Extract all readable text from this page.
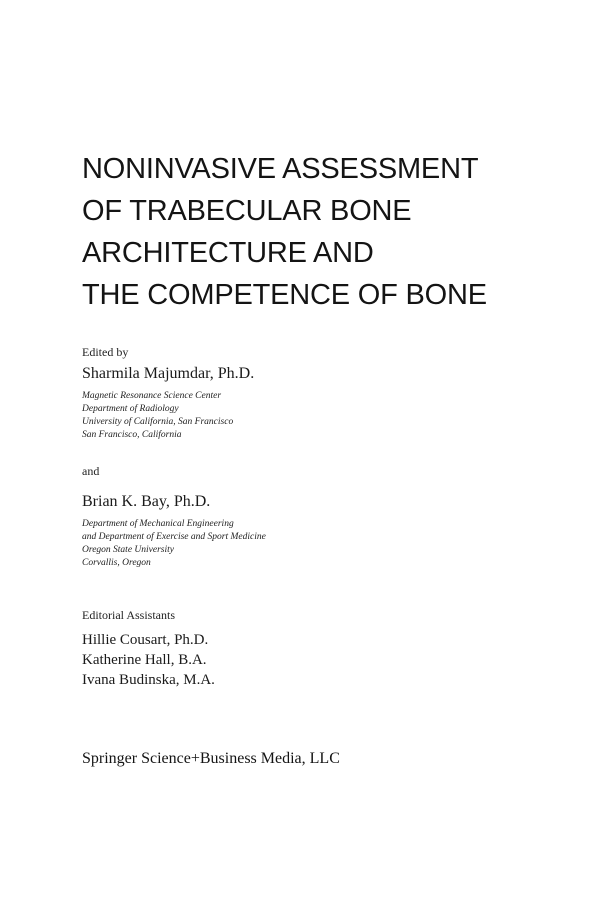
NONINVASIVE ASSESSMENT
OF TRABECULAR BONE
ARCHITECTURE AND
THE COMPETENCE OF BONE
Edited by
Sharmila Majumdar, Ph.D.
Magnetic Resonance Science Center
Department of Radiology
University of California, San Francisco
San Francisco, California
and
Brian K. Bay, Ph.D.
Department of Mechanical Engineering
and Department of Exercise and Sport Medicine
Oregon State University
Corvallis, Oregon
Editorial Assistants
Hillie Cousart, Ph.D.
Katherine Hall, B.A.
Ivana Budinska, M.A.
Springer Science+Business Media, LLC
